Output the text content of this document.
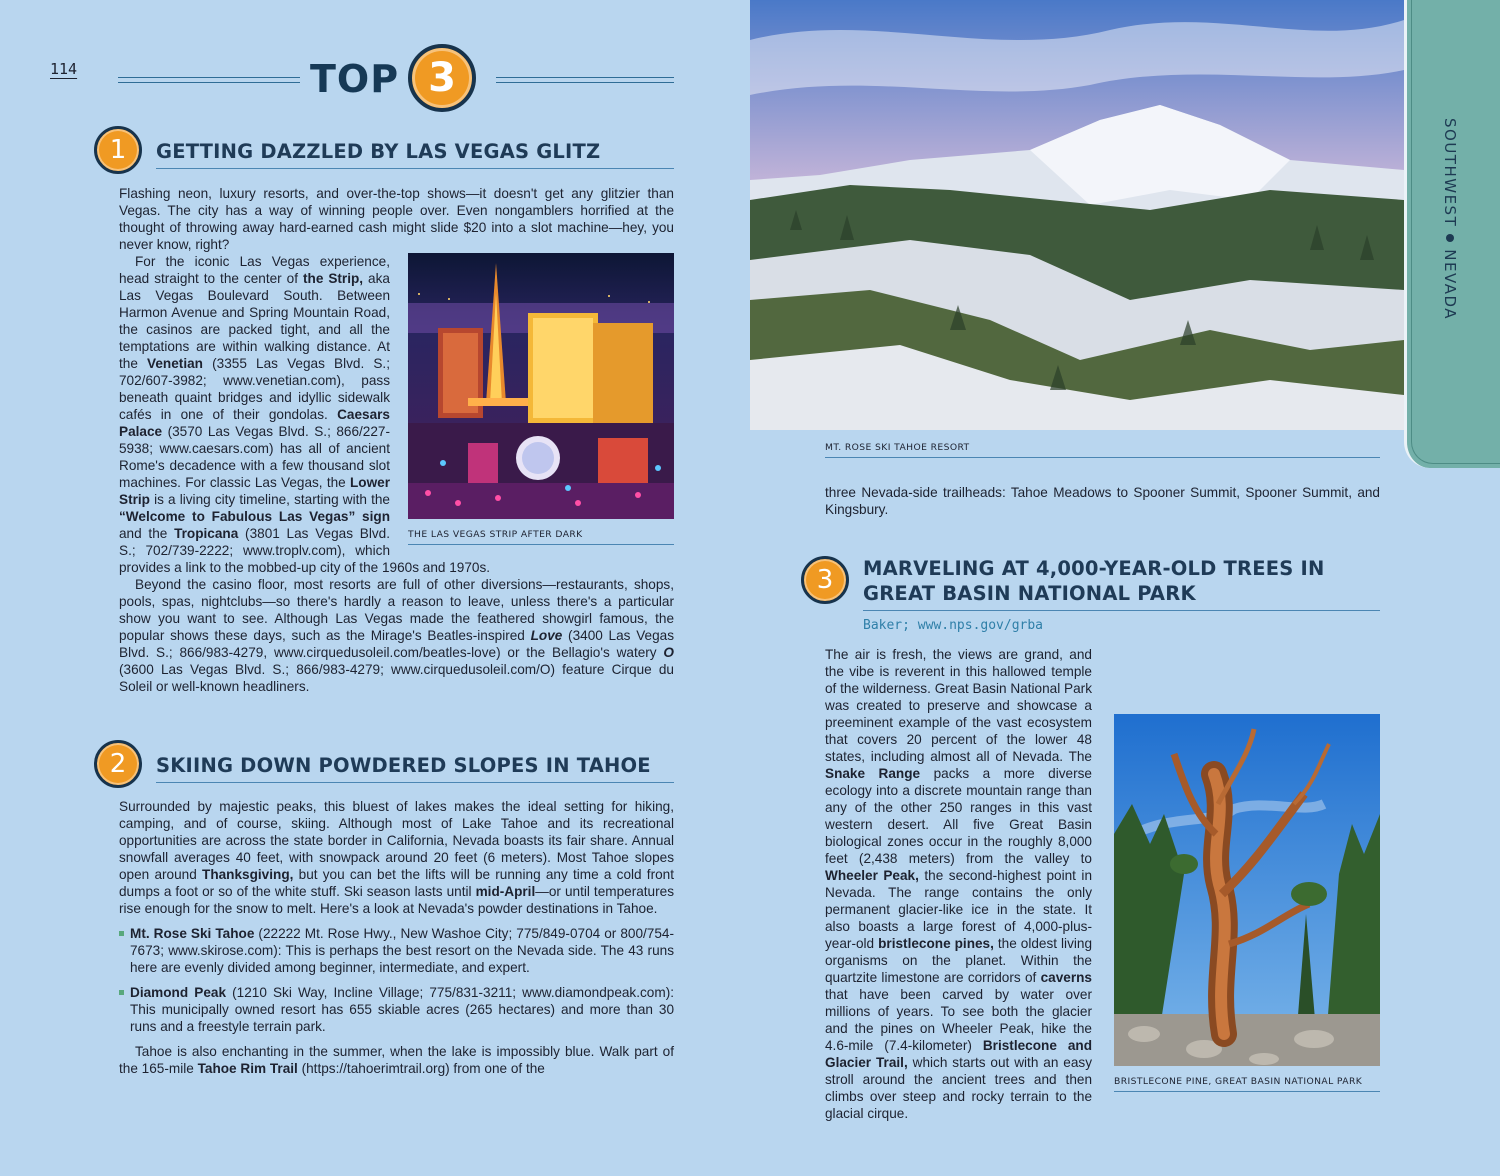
114	TOP 3
1	GETTING DAZZLED BY LAS VEGAS GLITZ

Flashing neon, luxury resorts, and over-the-top shows—it doesn't get any glitzier than Vegas. The city has a way of winning people over. Even nongamblers horrified at the thought of throwing away hard-earned cash might slide $20 into a slot machine—hey, you never know, right?

THE LAS VEGAS STRIP AFTER DARK

For the iconic Las Vegas experience, head straight to the center of the Strip, aka Las Vegas Boulevard South. Between Harmon Avenue and Spring Mountain Road, the casinos are packed tight, and all the temptations are within walking distance. At the Venetian (3355 Las Vegas Blvd. S.; 702/607-3982; www.venetian.com), pass beneath quaint bridges and idyllic sidewalk cafés in one of their gondolas. Caesars Palace (3570 Las Vegas Blvd. S.; 866/227-5938; www.caesars.com) has all of ancient Rome's decadence with a few thousand slot machines. For classic Las Vegas, the Lower Strip is a living city timeline, starting with the “Welcome to Fabulous Las Vegas” sign and the Tropicana (3801 Las Vegas Blvd. S.; 702/739-2222; www.troplv.com), which provides a link to the mobbed-up city of the 1960s and 1970s.

Beyond the casino floor, most resorts are full of other diversions—restaurants, shops, pools, spas, nightclubs—so there's hardly a reason to leave, unless there's a particular show you want to see. Although Las Vegas made the feathered showgirl famous, the popular shows these days, such as the Mirage's Beatles-inspired Love (3400 Las Vegas Blvd. S.; 866/983-4279, www.cirquedusoleil.com/beatles-love) or the Bellagio's watery O (3600 Las Vegas Blvd. S.; 866/983-4279; www.cirquedusoleil.com/O) feature Cirque du Soleil or well-known headliners.

2	SKIING DOWN POWDERED SLOPES IN TAHOE

Surrounded by majestic peaks, this bluest of lakes makes the ideal setting for hiking, camping, and of course, skiing. Although most of Lake Tahoe and its recreational opportunities are across the state border in California, Nevada boasts its fair share. Annual snowfall averages 40 feet, with snowpack around 20 feet (6 meters). Most Tahoe slopes open around Thanksgiving, but you can bet the lifts will be running any time a cold front dumps a foot or so of the white stuff. Ski season lasts until mid-April—or until temperatures rise enough for the snow to melt. Here's a look at Nevada's powder destinations in Tahoe.

Mt. Rose Ski Tahoe (22222 Mt. Rose Hwy., New Washoe City; 775/849-0704 or 800/754-7673; www.skirose.com): This is perhaps the best resort on the Nevada side. The 43 runs here are evenly divided among beginner, intermediate, and expert.
Diamond Peak (1210 Ski Way, Incline Village; 775/831-3211; www.diamondpeak.com): This municipally owned resort has 655 skiable acres (265 hectares) and more than 30 runs and a freestyle terrain park.

Tahoe is also enchanting in the summer, when the lake is impossibly blue. Walk part of the 165-mile Tahoe Rim Trail (https://tahoerimtrail.org) from one of the

MT. ROSE SKI TAHOE RESORT
SOUTHWESTNEVADA
three Nevada-side trailheads: Tahoe Meadows to Spooner Summit, Spooner Summit, and Kingsbury.
3	MARVELING AT 4,000-YEAR-OLD TREES IN
GREAT BASIN NATIONAL PARK
Baker; www.nps.gov/grba
BRISTLECONE PINE, GREAT BASIN NATIONAL PARK

The air is fresh, the views are grand, and the vibe is reverent in this hallowed temple of the wilderness. Great Basin National Park was created to preserve and showcase a preeminent example of the vast ecosystem that covers 20 percent of the lower 48 states, including almost all of Nevada. The Snake Range packs a more diverse ecology into a discrete mountain range than any of the other 250 ranges in this vast western desert. All five Great Basin biological zones occur in the roughly 8,000 feet (2,438 meters) from the valley to Wheeler Peak, the second-highest point in Nevada. The range contains the only permanent glacier-like ice in the state. It also boasts a large forest of 4,000-plus-year-old bristlecone pines, the oldest living organisms on the planet. Within the quartzite limestone are corridors of caverns that have been carved by water over millions of years. To see both the glacier and the pines on Wheeler Peak, hike the 4.6-mile (7.4-kilometer) Bristlecone and Glacier Trail, which starts out with an easy stroll around the ancient trees and then climbs over steep and rocky terrain to the glacial cirque.
